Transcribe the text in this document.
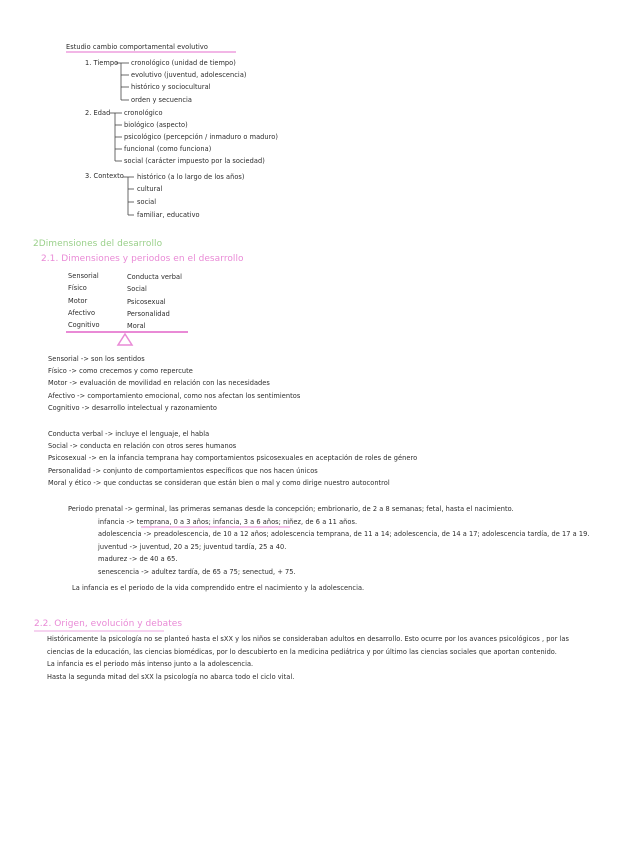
Estudio cambio comportamental evolutivo
1. Tiempo cronológico (unidad de tiempo)
evolutivo (juventud, adolescencia)
histórico y sociocultural
orden y secuencia
2. Edad cronológico
biológico (aspecto)
psicológico (percepción / inmaduro o maduro)
funcional (como funciona)
social (carácter impuesto por la sociedad)
3. Contexto histórico (a lo largo de los años)
cultural
social
familiar, educativo
2Dimensiones del desarrollo
2.1. Dimensiones y periodos en el desarrollo
Sensorial
Físico
Motor
Afectivo
Cognitivo
Conducta verbal
Social
Psicosexual
Personalidad
Moral
Sensorial -> son los sentidos
Físico -> como crecemos y como repercute
Motor -> evaluación de movilidad en relación con las necesidades
Afectivo -> comportamiento emocional, como nos afectan los sentimientos
Cognitivo -> desarrollo intelectual y razonamiento
Conducta verbal -> incluye el lenguaje, el habla
Social -> conducta en relación con otros seres humanos
Psicosexual -> en la infancia temprana hay comportamientos psicosexuales en aceptación de roles de género
Personalidad -> conjunto de comportamientos específicos que nos hacen únicos
Moral y ético -> que conductas se consideran que están bien o mal y como dirige nuestro autocontrol
Periodo prenatal -> germinal, las primeras semanas desde la concepción; embrionario, de 2 a 8 semanas; fetal, hasta el nacimiento.
infancia -> temprana, 0 a 3 años; infancia, 3 a 6 años; niñez, de 6 a 11 años.
adolescencia -> preadolescencia, de 10 a 12 años; adolescencia temprana, de 11 a 14; adolescencia, de 14 a 17; adolescencia tardía, de 17 a 19.
juventud -> juventud, 20 a 25; juventud tardía, 25 a 40.
madurez -> de 40 a 65.
senescencia -> adultez tardía, de 65 a 75; senectud, + 75.
La infancia es el periodo de la vida comprendido entre el nacimiento y la adolescencia.
2.2. Origen, evolución y debates
Históricamente la psicología no se planteó hasta el sXX y los niños se consideraban adultos en desarrollo. Esto ocurre por los avances psicológicos , por las
ciencias de la educación, las ciencias biomédicas, por lo descubierto en la medicina pediátrica y por último las ciencias sociales que aportan contenido.
La infancia es el periodo más intenso junto a la adolescencia.
Hasta la segunda mitad del sXX la psicología no abarca todo el ciclo vital.
